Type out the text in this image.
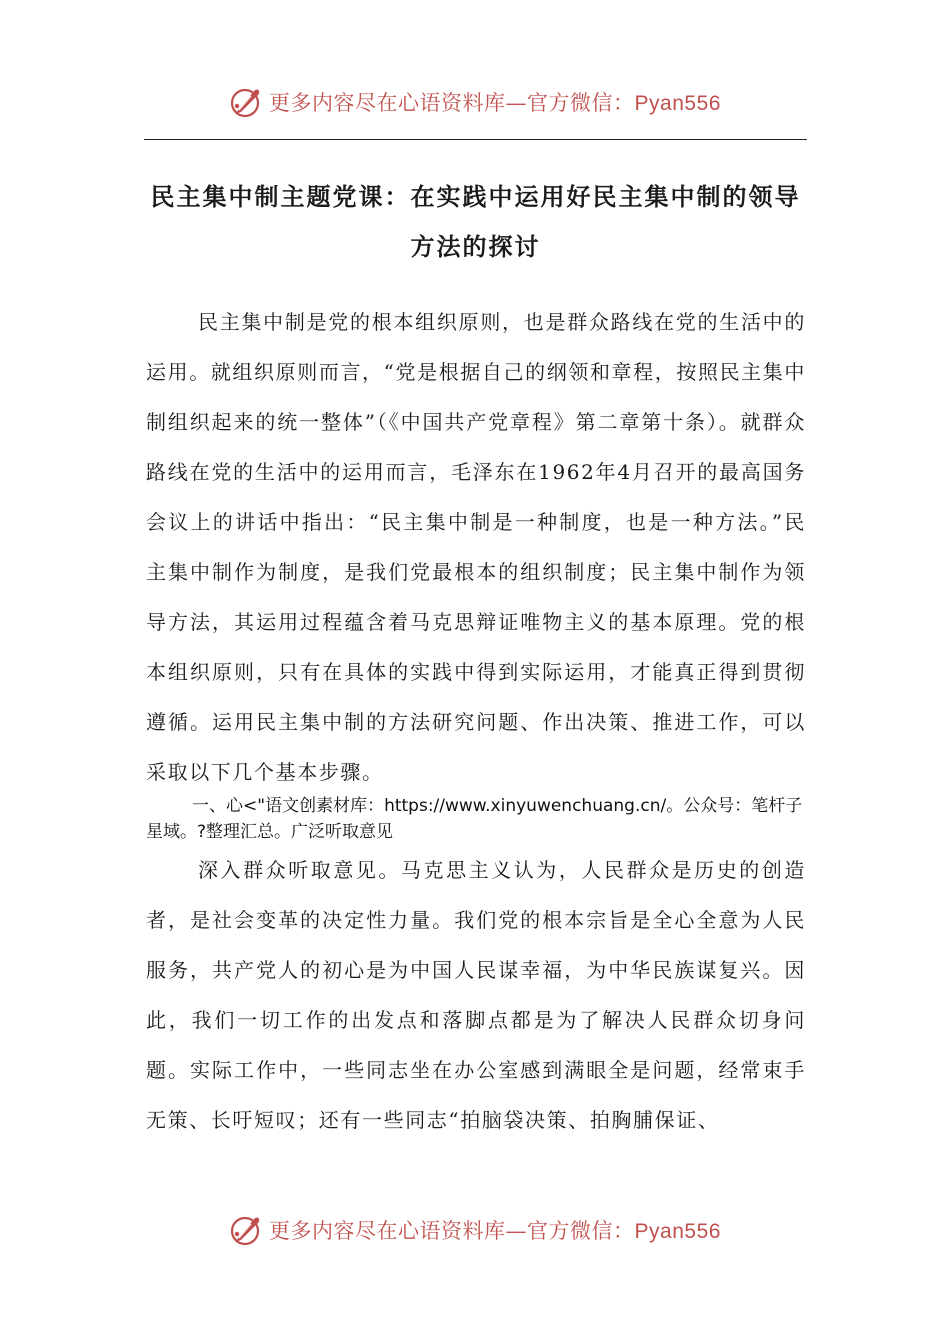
更多内容尽在心语资料库—官方微信：Pyan556
民主集中制主题党课：在实践中运用好民主集中制的领导
方法的探讨
民主集中制是党的根本组织原则，也是群众路线在党的生活中的运用。就组织原则而言，“党是根据自己的纲领和章程，按照民主集中制组织起来的统一整体”（《中国共产党章程》第二章第十条）。就群众路线在党的生活中的运用而言，毛泽东在1962年4月召开的最高国务会议上的讲话中指出：“民主集中制是一种制度，也是一种方法。”民主集中制作为制度，是我们党最根本的组织制度；民主集中制作为领导方法，其运用过程蕴含着马克思辩证唯物主义的基本原理。党的根本组织原则，只有在具体的实践中得到实际运用，才能真正得到贯彻遵循。运用民主集中制的方法研究问题、作出决策、推进工作，可以采取以下几个基本步骤。
一、心<"语文创素材库：https://www.xinyuwenchuang.cn/。公众号：笔杆子星域。?整理汇总。广泛听取意见
深入群众听取意见。马克思主义认为，人民群众是历史的创造者，是社会变革的决定性力量。我们党的根本宗旨是全心全意为人民服务，共产党人的初心是为中国人民谋幸福，为中华民族谋复兴。因此，我们一切工作的出发点和落脚点都是为了解决人民群众切身问题。实际工作中，一些同志坐在办公室感到满眼全是问题，经常束手无策、长吁短叹；还有一些同志“拍脑袋决策、拍胸脯保证、
更多内容尽在心语资料库—官方微信：Pyan556
